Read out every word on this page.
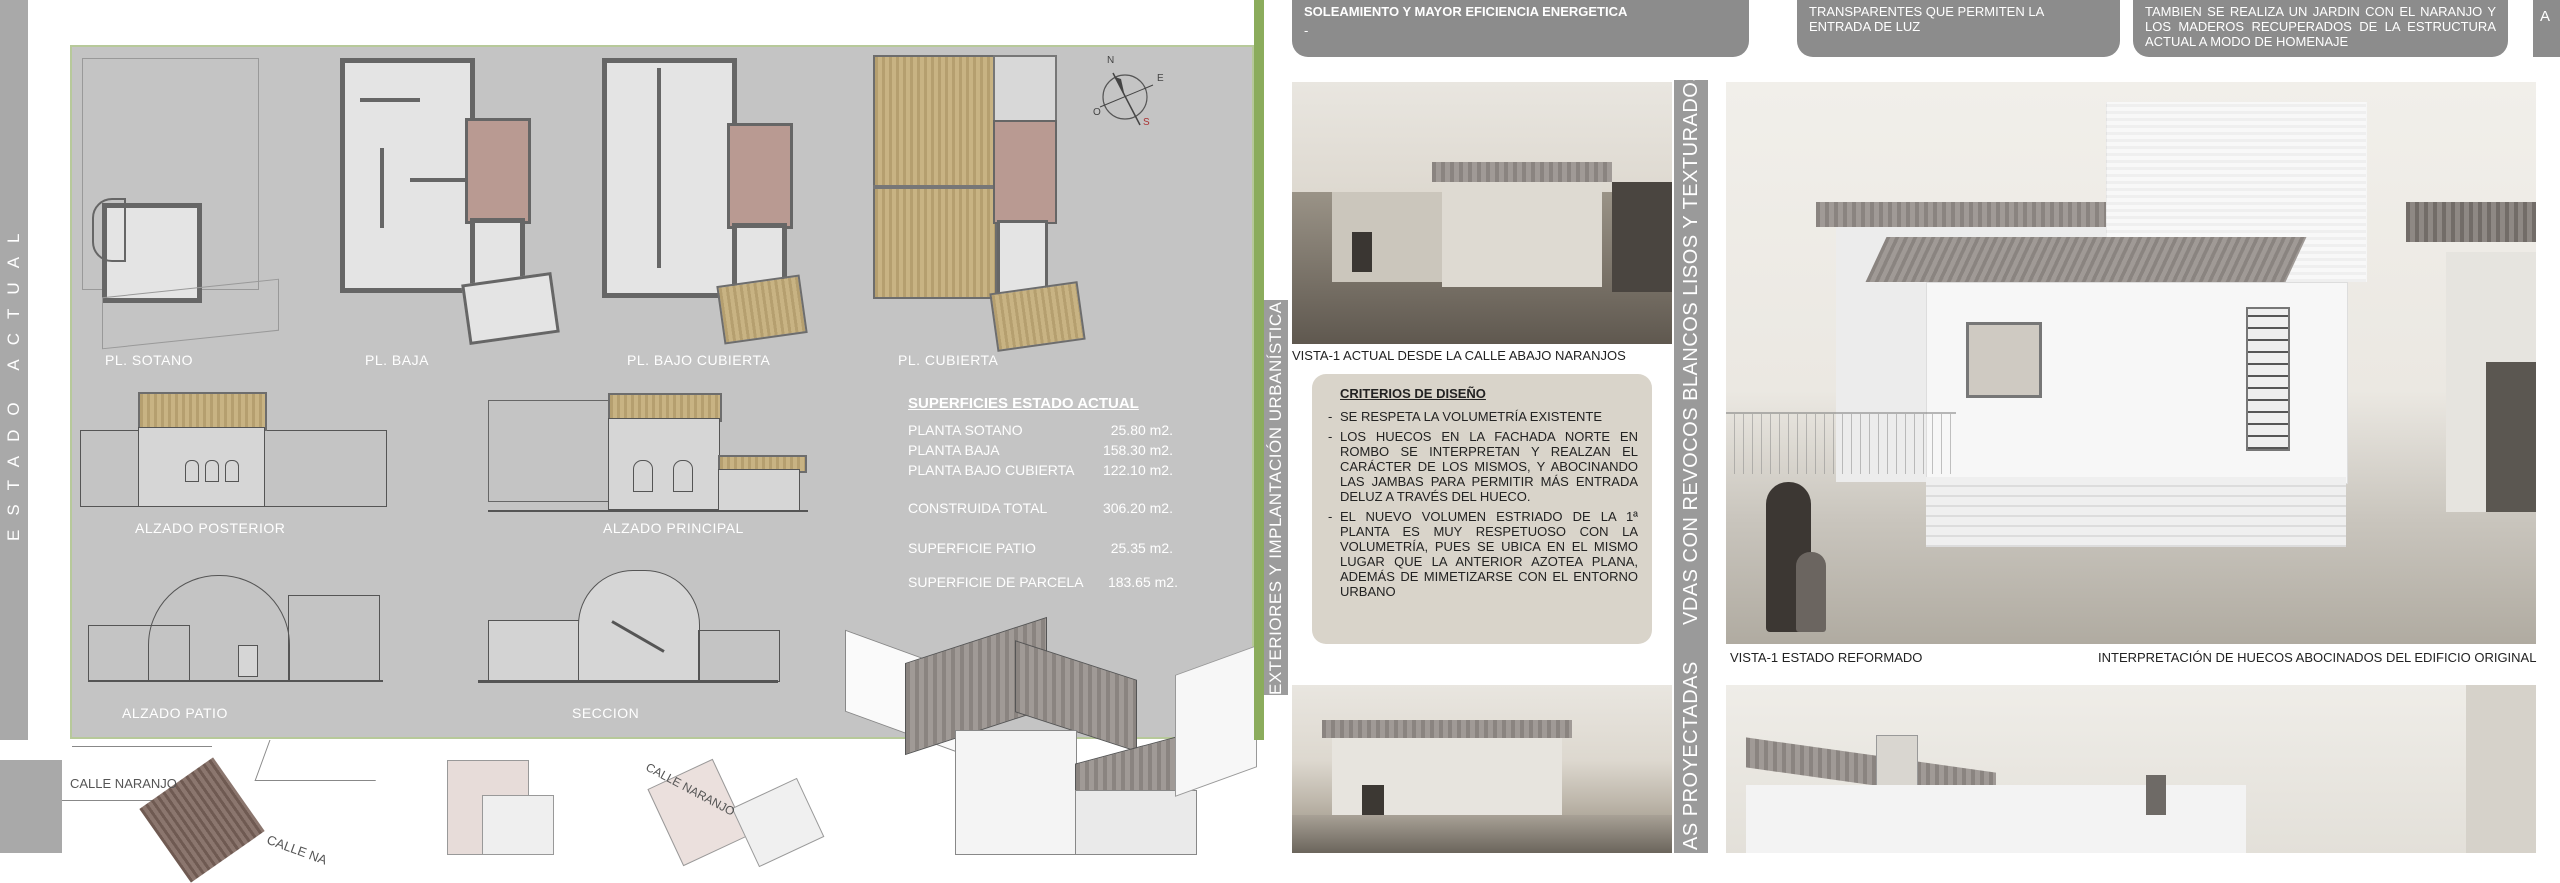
ESTADO ACTUAL	PL. SOTANO	PL. BAJA	PL. BAJO CUBIERTA	PL. CUBIERTA
N
S
E
O
ALZADO POSTERIOR	ALZADO PRINCIPAL
ALZADO PATIO	SECCION
SUPERFICIES ESTADO ACTUAL
PLANTA SOTANO	25.80 m2.
PLANTA BAJA	158.30 m2.
PLANTA BAJO CUBIERTA 122.10 m2.
CONSTRUIDA TOTAL	306.20 m2.
SUPERFICIE PATIO	25.35 m2.
SUPERFICIE DE PARCELA 183.65 m2.
CALLE NARANJO
CALLE NA
CALLE NARANJO
EXTERIORES Y IMPLANTACIÓN URBANÍSTICA
SOLEAMIENTO Y MAYOR EFICIENCIA ENERGETICA
-
TRANSPARENTES QUE PERMITEN LA ENTRADA DE LUZ
TAMBIEN SE REALIZA UN JARDIN CON EL NARANJO Y LOS MADEROS RECUPERADOS DE LA ESTRUCTURA ACTUAL A MODO DE HOMENAJE
A
VISTA-1 ACTUAL DESDE LA CALLE ABAJO NARANJOS
CRITERIOS DE DISEÑO
- SE RESPETA LA VOLUMETRÍA EXISTENTE
- LOS HUECOS EN LA FACHADA NORTE EN ROMBO SE INTERPRETAN Y REALZAN EL CARÁCTER DE LOS MISMOS, Y ABOCINANDO LAS JAMBAS PARA PERMITIR MÁS ENTRADA DELUZ A TRAVÉS DEL HUECO.
- EL NUEVO VOLUMEN ESTRIADO DE LA 1ª PLANTA ES MUY RESPETUOSO CON LA VOLUMETRÍA, PUES SE UBICA EN EL MISMO LUGAR QUE LA ANTERIOR AZOTEA PLANA, ADEMÁS DE MIMETIZARSE CON EL ENTORNO URBANO	VDAS CON REVOCOS BLANCOS LISOS Y TEXTURADOS
AS PROYECTADAS
VISTA-1 ESTADO REFORMADO	INTERPRETACIÓN DE HUECOS ABOCINADOS DEL EDIFICIO ORIGINAL
